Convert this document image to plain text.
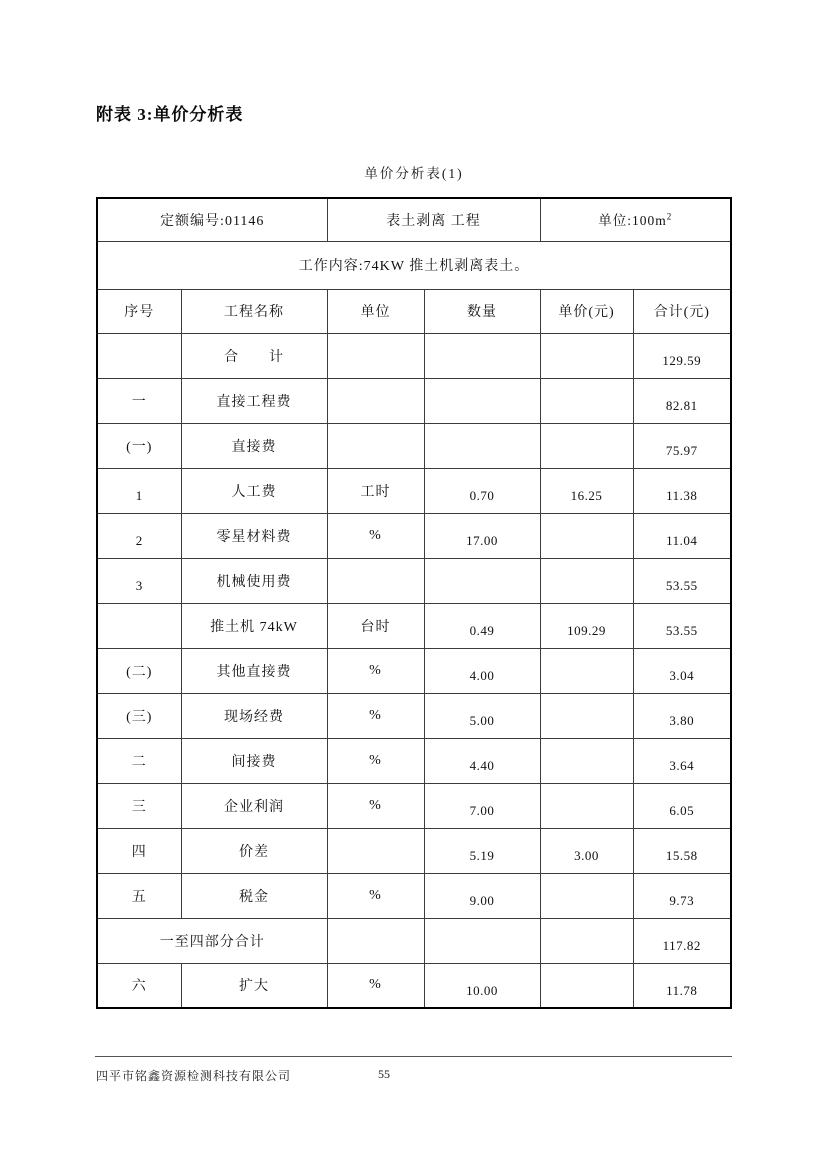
附表 3:单价分析表
单价分析表(1)
定额编号:01146		表土剥离 工程		单位$:100m^2$
工作内容:74KW 推土机剥离表土。					
序号	工程名称	单位	数量	单价(元)	合计(元)
	合　　计				129.59
一	直接工程费				82.81
(一)	直接费				75.97
1	人工费	工时	0.70	16.25	11.38
2	零星材料费	%	17.00		11.04
3	机械使用费				53.55
	推土机 74kW	台时	0.49	109.29	53.55
(二)	其他直接费	%	4.00		3.04
(三)	现场经费	%	5.00		3.80
二	间接费	%	4.40		3.64
三	企业利润	%	7.00		6.05
四	价差		5.19	3.00	15.58
五	税金	%	9.00		9.73
一至四部分合计					117.82
六	扩大	%	10.00		11.78
四平市铭鑫资源检测科技有限公司	55
